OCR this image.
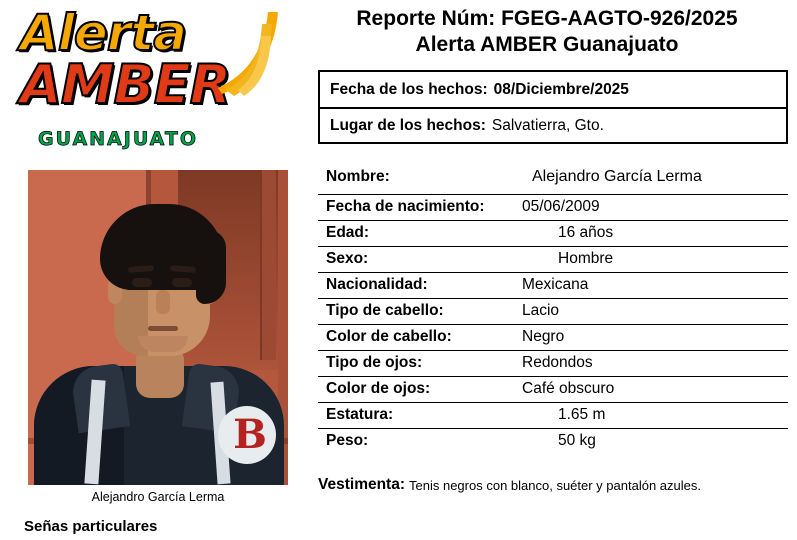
Alerta
AMBER
GUANAJUATO
B
Alejandro García Lerma
Señas particulares
Reporte Núm: FGEG-AAGTO-926/2025
Alerta AMBER Guanajuato
Fecha de los hechos: 08/Diciembre/2025
Lugar de los hechos: Salvatierra, Gto.
Nombre:	Alejandro García Lerma
Fecha de nacimiento:	05/06/2009
Edad:	16 años
Sexo:	Hombre
Nacionalidad:	Mexicana
Tipo de cabello:	Lacio
Color de cabello:	Negro
Tipo de ojos:	Redondos
Color de ojos:	Café obscuro
Estatura:	1.65 m
Peso:	50 kg
Vestimenta: Tenis negros con blanco, suéter y pantalón azules.
